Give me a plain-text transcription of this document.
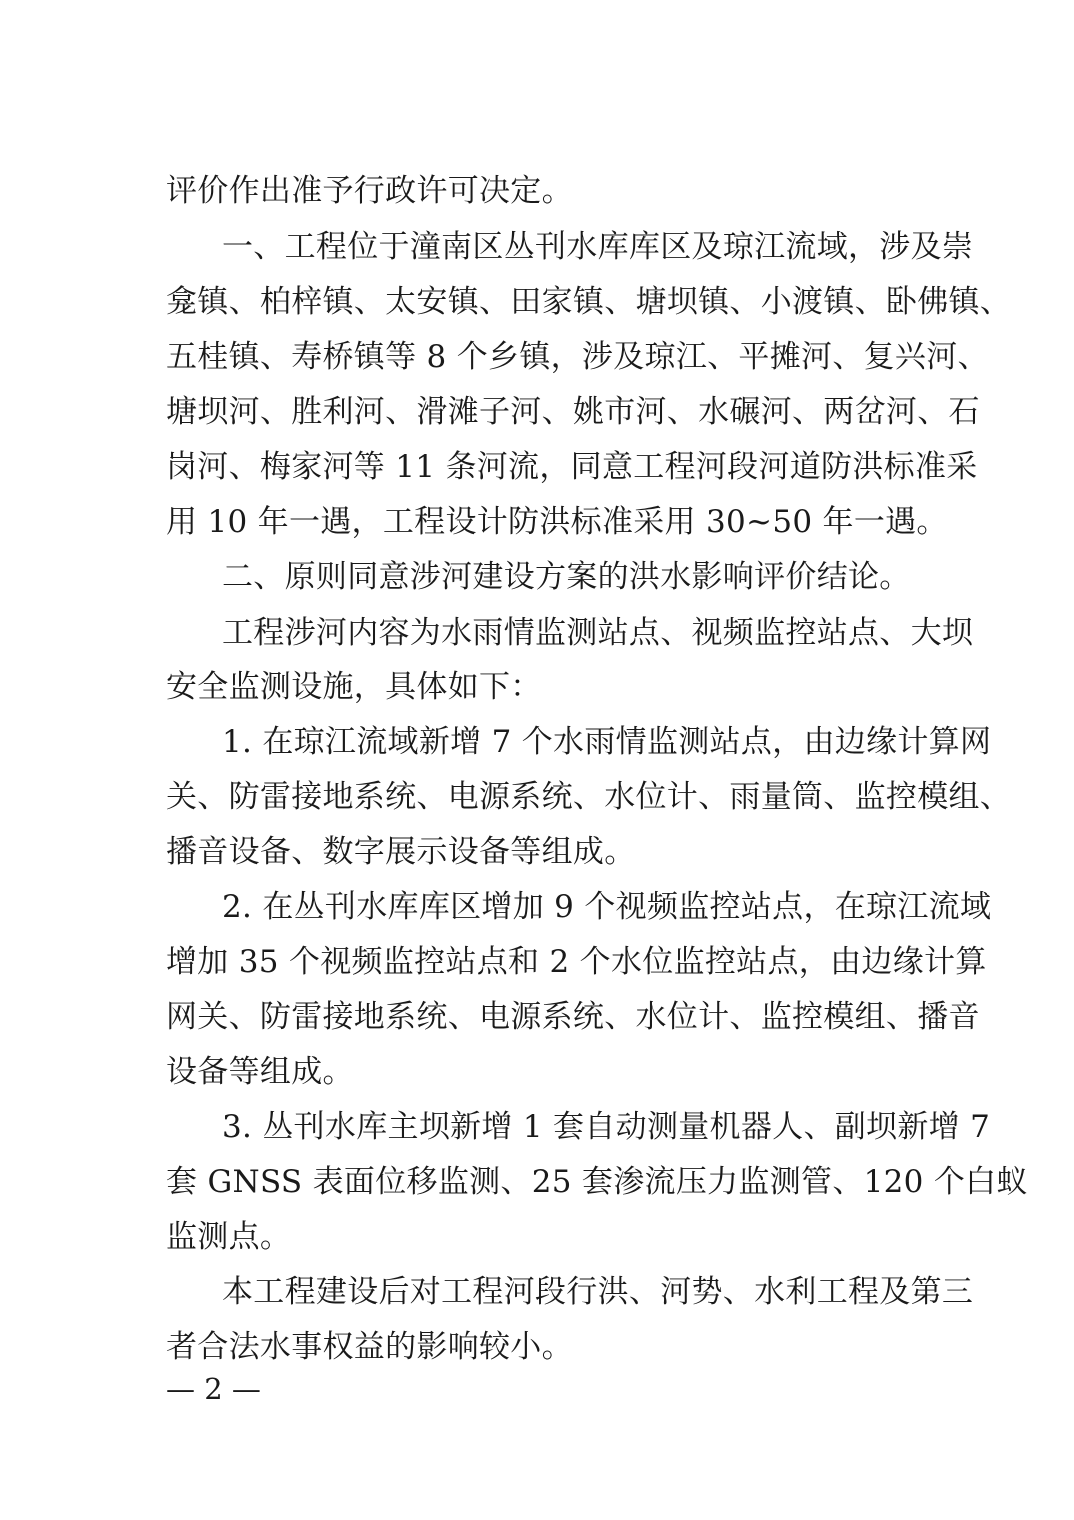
评价作出准予行政许可决定。
一、工程位于潼南区丛刊水库库区及琼江流域，涉及崇
龛镇、柏梓镇、太安镇、田家镇、塘坝镇、小渡镇、卧佛镇、
五桂镇、寿桥镇等 8 个乡镇，涉及琼江、平摊河、复兴河、
塘坝河、胜利河、滑滩子河、姚市河、水碾河、两岔河、石
岗河、梅家河等 11 条河流，同意工程河段河道防洪标准采
用 10 年一遇，工程设计防洪标准采用 30~50 年一遇。
二、原则同意涉河建设方案的洪水影响评价结论。
工程涉河内容为水雨情监测站点、视频监控站点、大坝
安全监测设施，具体如下：
1. 在琼江流域新增 7 个水雨情监测站点，由边缘计算网
关、防雷接地系统、电源系统、水位计、雨量筒、监控模组、
播音设备、数字展示设备等组成。
2. 在丛刊水库库区增加 9 个视频监控站点，在琼江流域
增加 35 个视频监控站点和 2 个水位监控站点，由边缘计算
网关、防雷接地系统、电源系统、水位计、监控模组、播音
设备等组成。
3. 丛刊水库主坝新增 1 套自动测量机器人、副坝新增 7
套 GNSS 表面位移监测、25 套渗流压力监测管、120 个白蚁
监测点。
本工程建设后对工程河段行洪、河势、水利工程及第三
者合法水事权益的影响较小。
— 2 —
